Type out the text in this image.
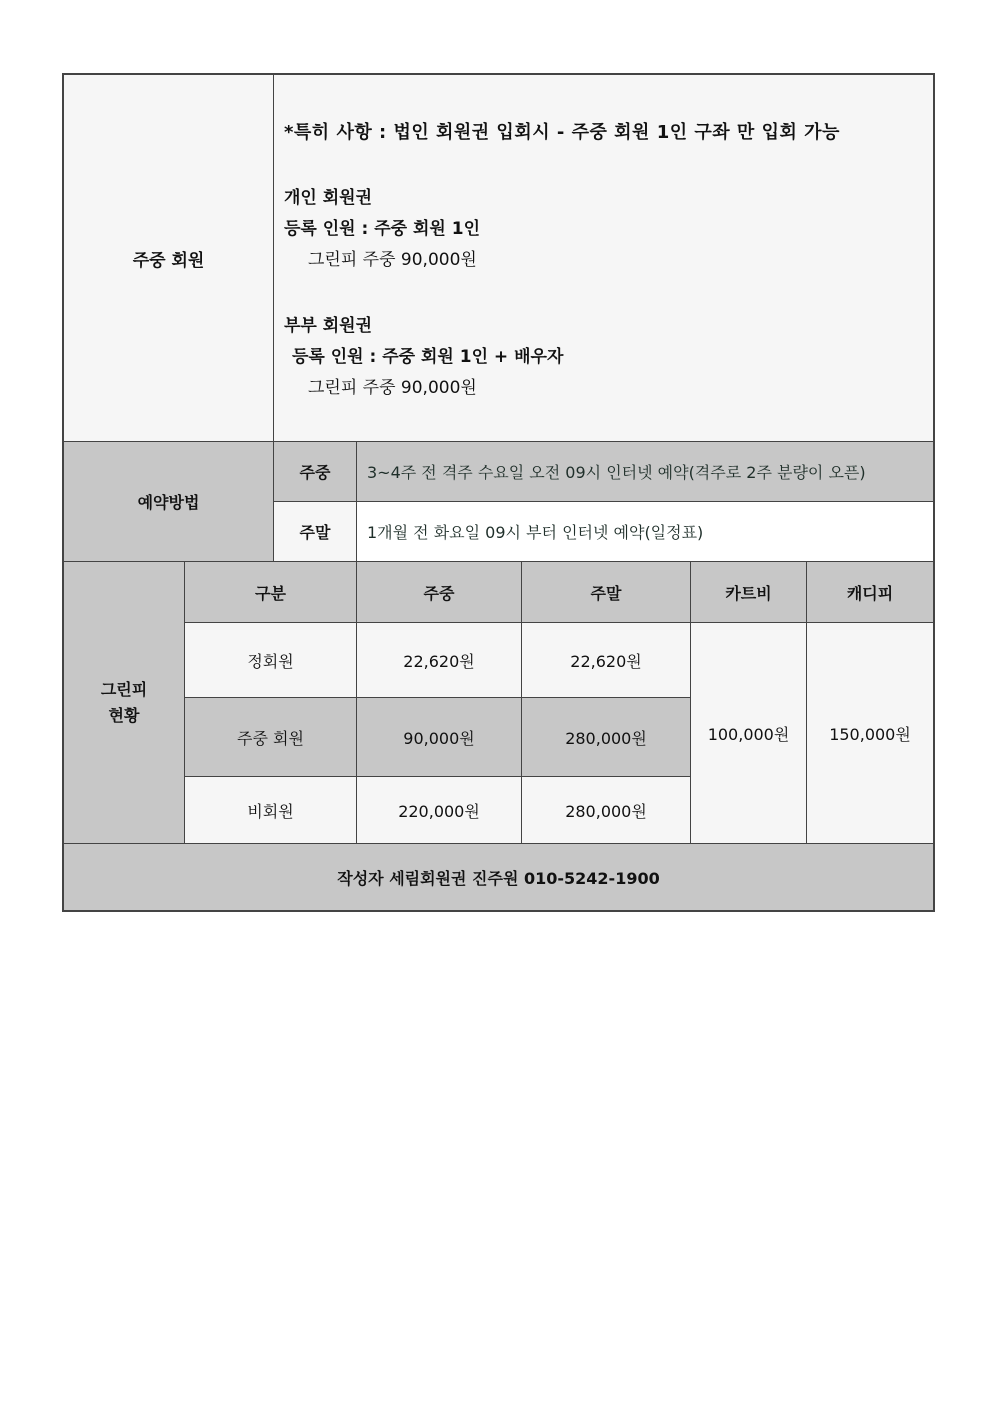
주중 회원
*특히 사항 : 법인 회원권 입회시 - 주중 회원 1인 구좌 만 입회 가능
개인 회원권
등록 인원 : 주중 회원 1인
그린피 주중 90,000원
부부 회원권
등록 인원 : 주중 회원 1인 + 배우자
그린피 주중 90,000원
예약방법
주중	3~4주 전 격주 수요일 오전 09시 인터넷 예약(격주로 2주 분량이 오픈)
주말	1개월 전 화요일 09시 부터 인터넷 예약(일정표)
그린피
현황
구분	주중	주말	카트비	캐디피
정회원	22,620원	22,620원
주중 회원	90,000원	280,000원
비회원	220,000원	280,000원
100,000원	150,000원
작성자 세림회원권 진주원 010-5242-1900
